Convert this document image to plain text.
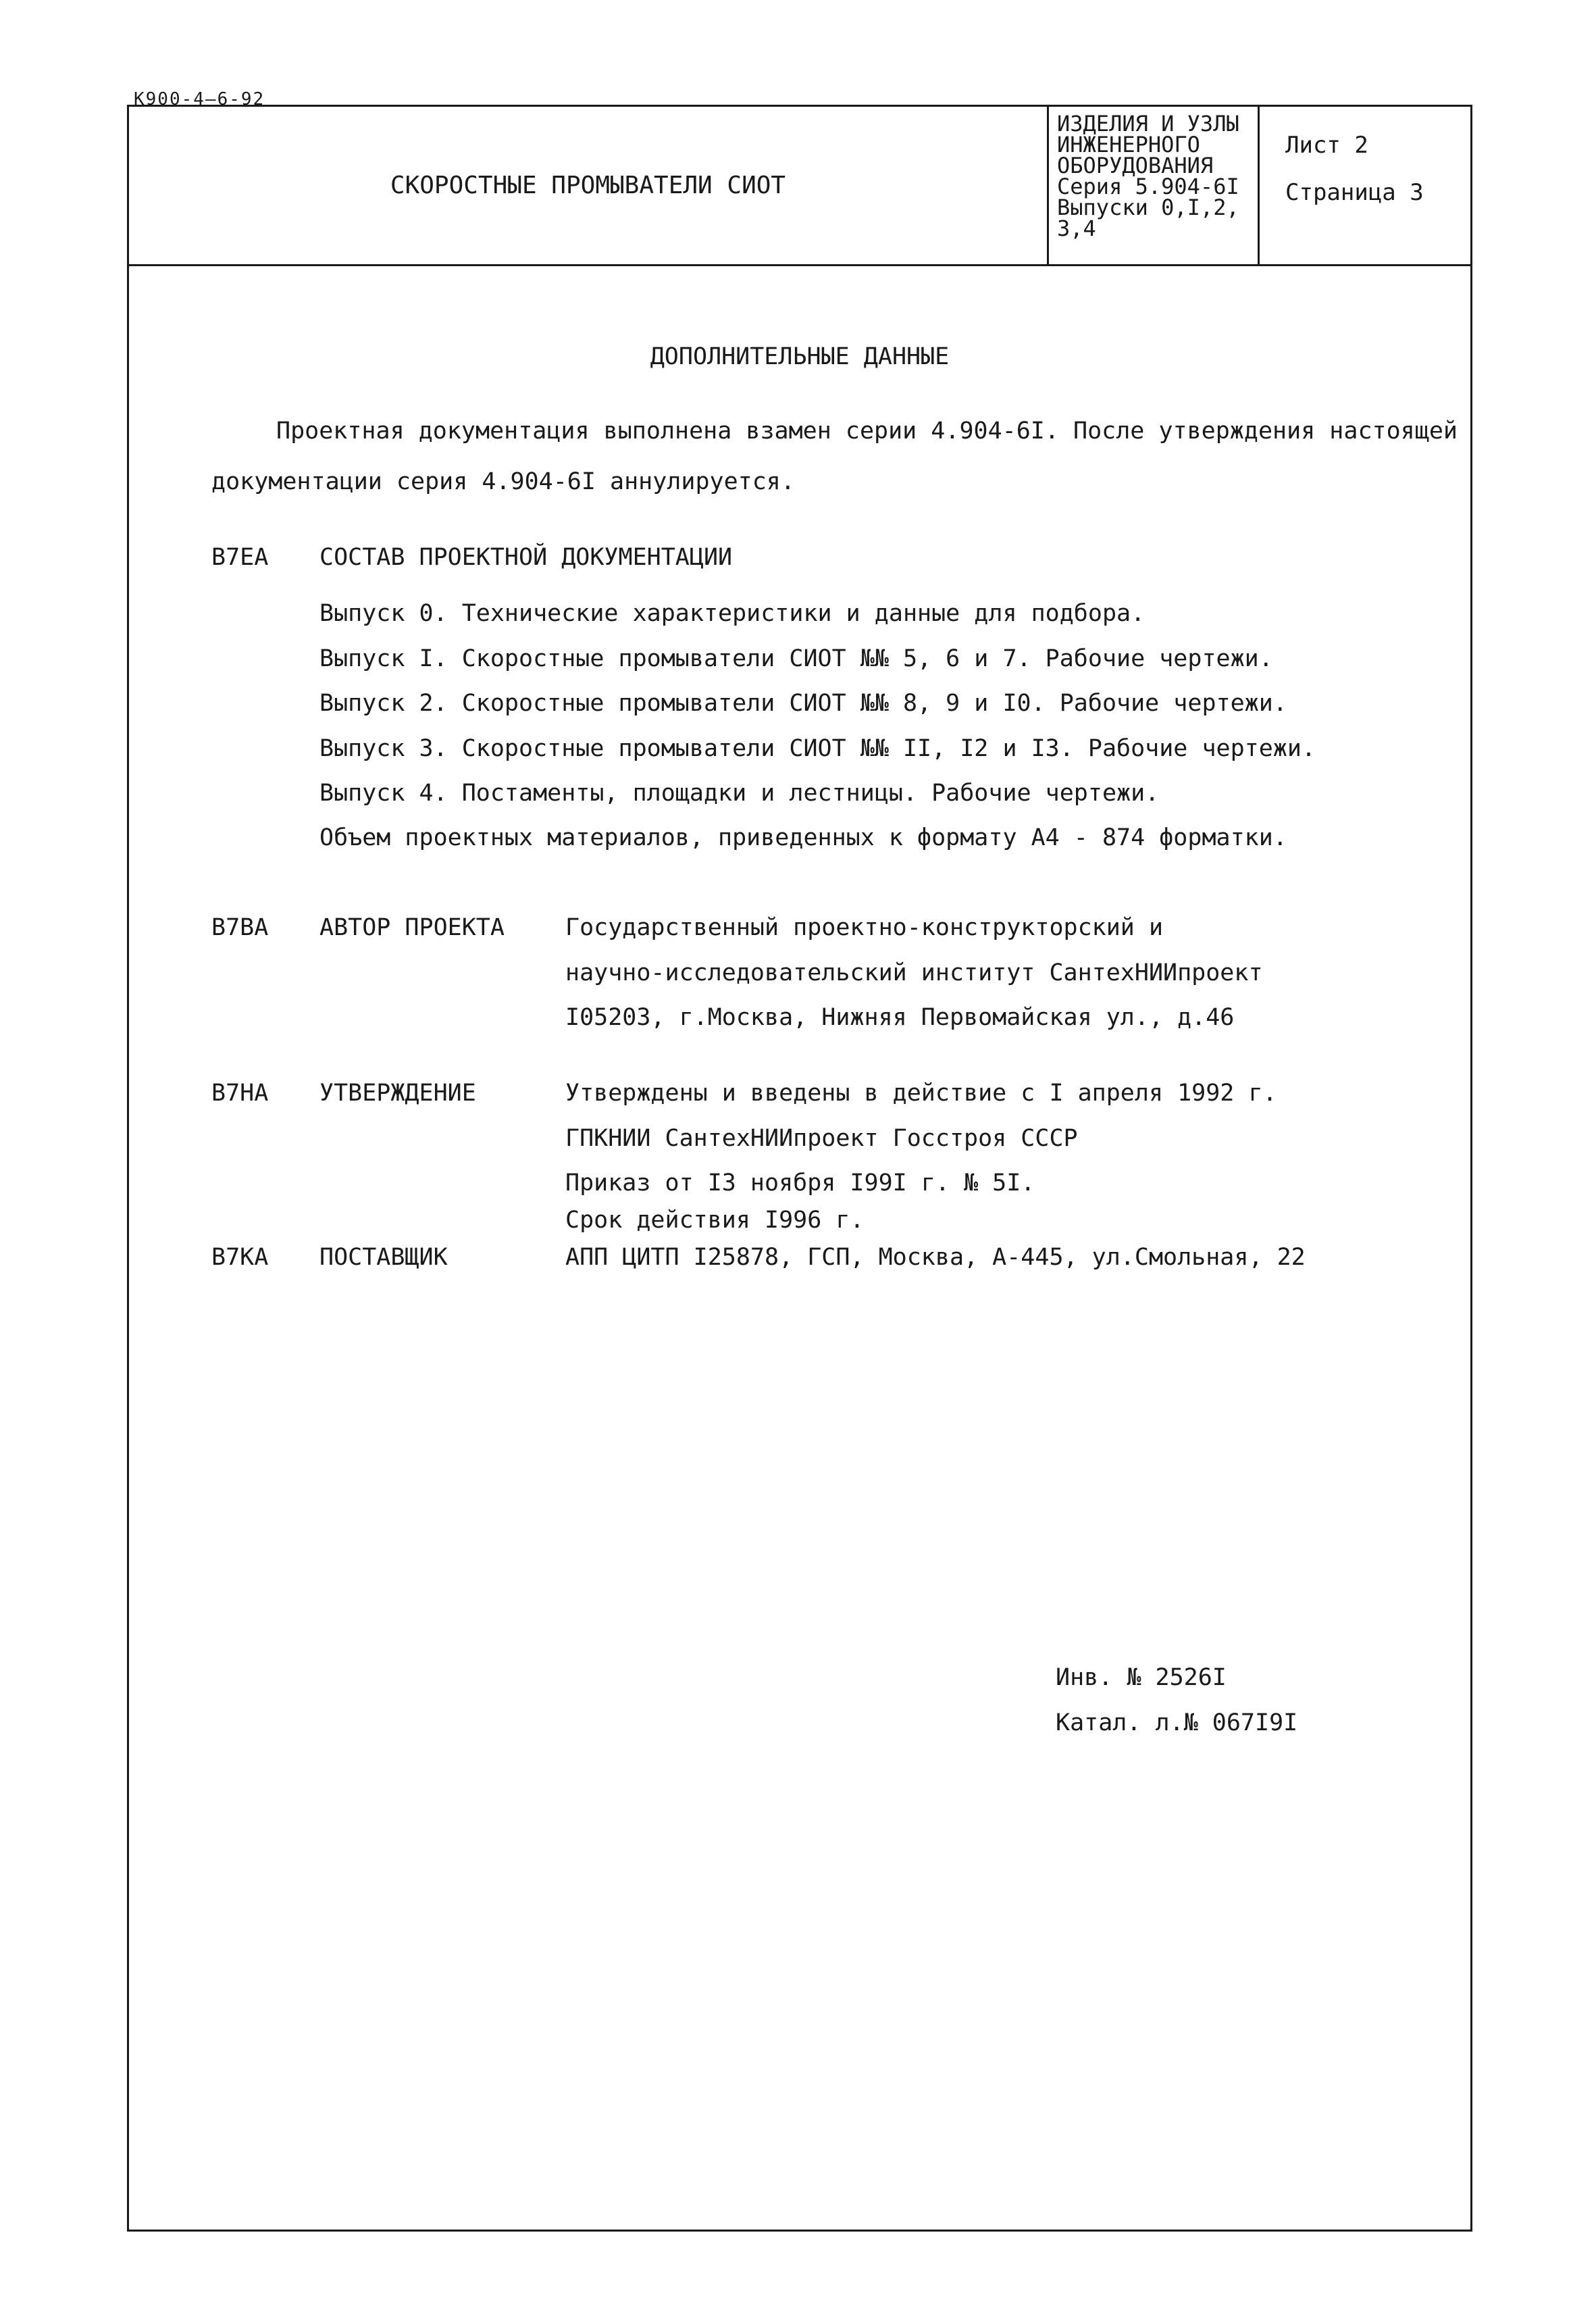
К900-4—6-92
СКОРОСТНЫЕ ПРОМЫВАТЕЛИ СИОТ
ИЗДЕЛИЯ И УЗЛЫ
ИНЖЕНЕРНОГО
ОБОРУДОВАНИЯ
Серия 5.904-6I
Выпуски 0,I,2,
3,4
Лист 2
Страница 3
ДОПОЛНИТЕЛЬНЫЕ ДАННЫЕ
Проектная документация выполнена взамен серии 4.904-6I. После утверждения настоящей
документации серия 4.904-6I аннулируется.
В7ЕА СОСТАВ ПРОЕКТНОЙ ДОКУМЕНТАЦИИ
Выпуск 0. Технические характеристики и данные для подбора.
Выпуск I. Скоростные промыватели СИОТ №№ 5, 6 и 7. Рабочие чертежи.
Выпуск 2. Скоростные промыватели СИОТ №№ 8, 9 и I0. Рабочие чертежи.
Выпуск 3. Скоростные промыватели СИОТ №№ II, I2 и I3. Рабочие чертежи.
Выпуск 4. Постаменты, площадки и лестницы. Рабочие чертежи.
Объем проектных материалов, приведенных к формату А4 - 874 форматки.
В7ВА АВТОР ПРОЕКТА	Государственный проектно-конструкторский и
научно-исследовательский институт СантехНИИпроект
I05203, г.Москва, Нижняя Первомайская ул., д.46
В7НА УТВЕРЖДЕНИЕ	Утверждены и введены в действие с I апреля 1992 г.
ГПКНИИ СантехНИИпроект Госстроя СССР
Приказ от I3 ноября I99I г. № 5I.
Срок действия I996 г.
В7КА ПОСТАВЩИК	АПП ЦИТП I25878, ГСП, Москва, А-445, ул.Смольная, 22
Инв. № 2526I
Катал. л.№ 067I9I
